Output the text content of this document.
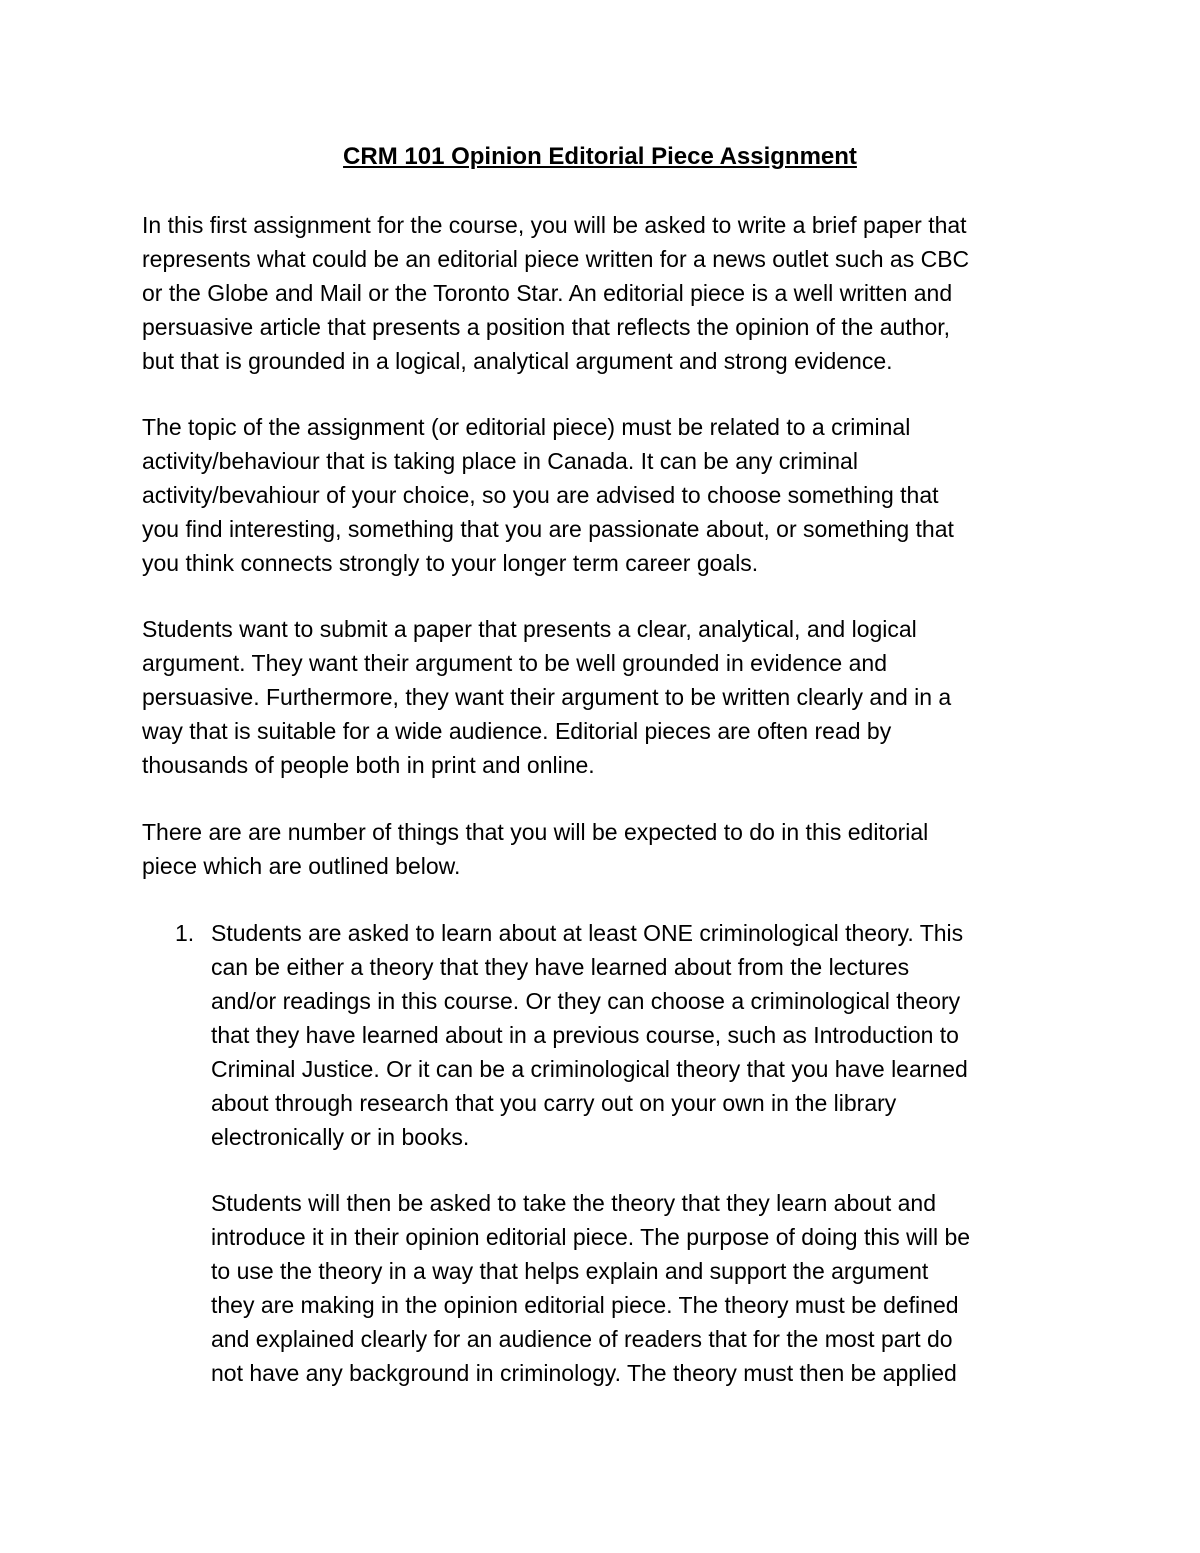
CRM 101 Opinion Editorial Piece Assignment

In this first assignment for the course, you will be asked to write a brief paper that
represents what could be an editorial piece written for a news outlet such as CBC
or the Globe and Mail or the Toronto Star. An editorial piece is a well written and
persuasive article that presents a position that reflects the opinion of the author,
but that is grounded in a logical, analytical argument and strong evidence.

The topic of the assignment (or editorial piece) must be related to a criminal
activity/behaviour that is taking place in Canada. It can be any criminal
activity/bevahiour of your choice, so you are advised to choose something that
you find interesting, something that you are passionate about, or something that
you think connects strongly to your longer term career goals.

Students want to submit a paper that presents a clear, analytical, and logical
argument. They want their argument to be well grounded in evidence and
persuasive. Furthermore, they want their argument to be written clearly and in a
way that is suitable for a wide audience. Editorial pieces are often read by
thousands of people both in print and online.

There are are number of things that you will be expected to do in this editorial
piece which are outlined below.

1. Students are asked to learn about at least ONE criminological theory. This
can be either a theory that they have learned about from the lectures
and/or readings in this course. Or they can choose a criminological theory
that they have learned about in a previous course, such as Introduction to
Criminal Justice. Or it can be a criminological theory that you have learned
about through research that you carry out on your own in the library
electronically or in books.

Students will then be asked to take the theory that they learn about and
introduce it in their opinion editorial piece. The purpose of doing this will be
to use the theory in a way that helps explain and support the argument
they are making in the opinion editorial piece. The theory must be defined
and explained clearly for an audience of readers that for the most part do
not have any background in criminology. The theory must then be applied
